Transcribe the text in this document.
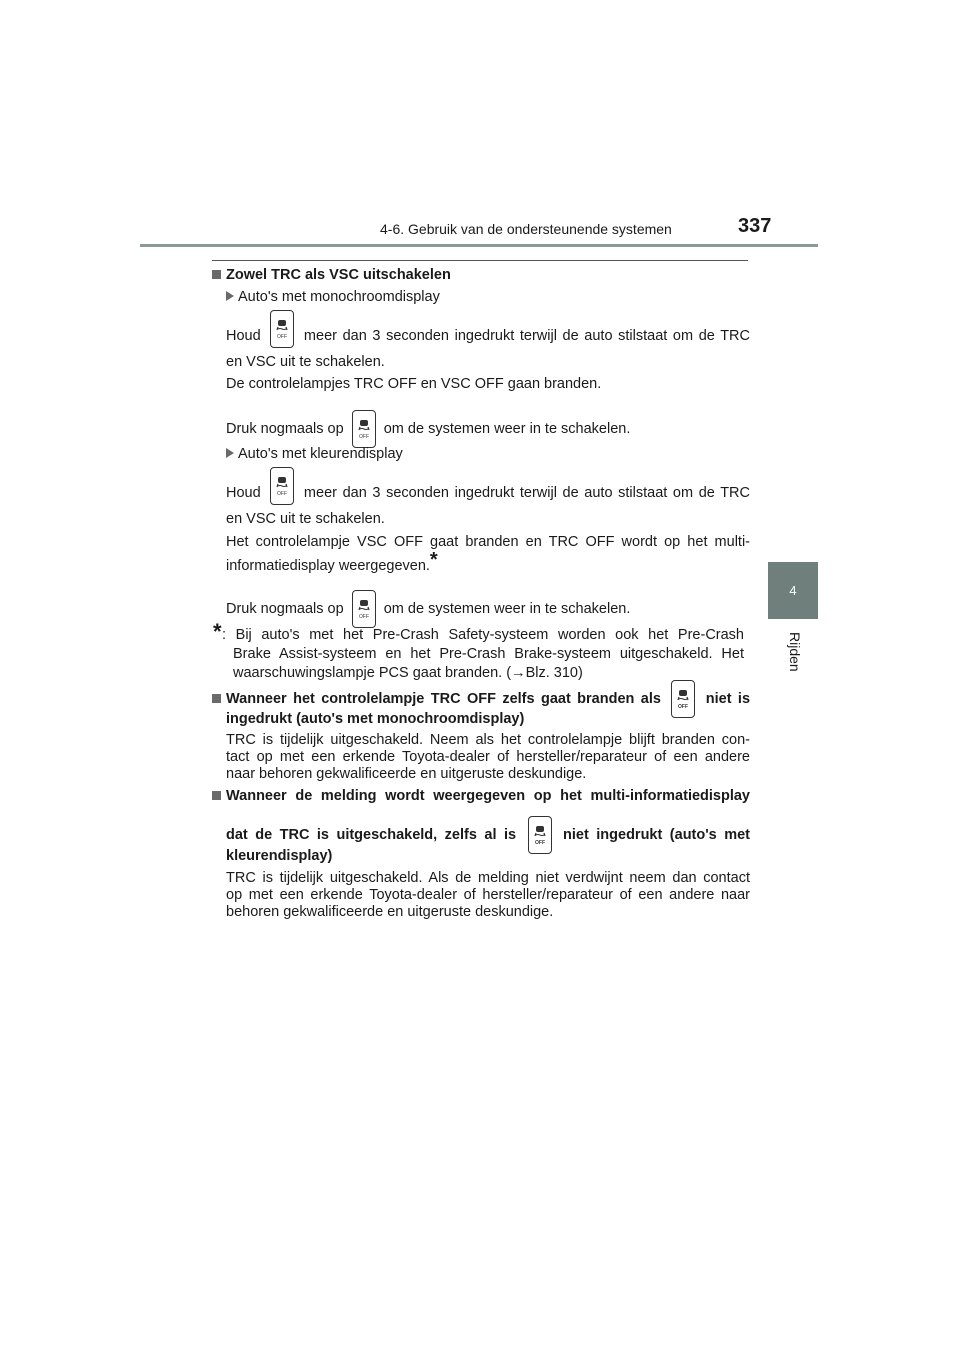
4-6. Gebruik van de ondersteunende systemen	337
4
Rijden
Zowel TRC als VSC uitschakelen
Auto's met monochroomdisplay
Houd	OFF meer dan 3 seconden ingedrukt terwijl de auto stilstaat om de TRC
en VSC uit te schakelen.
De controlelampjes TRC OFF en VSC OFF gaan branden.
Druk nogmaals op
OFF
om de systemen weer in te schakelen.
Auto's met kleurendisplay
Houd	OFF meer dan 3 seconden ingedrukt terwijl de auto stilstaat om de TRC
en VSC uit te schakelen.
Het controlelampje VSC OFF gaat branden en TRC OFF wordt op het multi-
informatiedisplay weergegeven.*
Druk nogmaals op
OFF
om de systemen weer in te schakelen.
* : Bij auto's met het Pre-Crash Safety-systeem worden ook het Pre-Crash
Brake Assist-systeem en het Pre-Crash Brake-systeem uitgeschakeld. Het
waarschuwingslampje PCS gaat branden. (→Blz. 310)
Wanneer het controlelampje TRC OFF zelfs gaat branden als
OFF
niet is
ingedrukt (auto's met monochroomdisplay)
TRC is tijdelijk uitgeschakeld. Neem als het controlelampje blijft branden con-
tact op met een erkende Toyota-dealer of hersteller/reparateur of een andere
naar behoren gekwalificeerde en uitgeruste deskundige.
Wanneer de melding wordt weergegeven op het multi-informatiedisplay
dat de TRC is uitgeschakeld, zelfs al is
OFF
niet ingedrukt (auto's met
kleurendisplay)
TRC is tijdelijk uitgeschakeld. Als de melding niet verdwijnt neem dan contact
op met een erkende Toyota-dealer of hersteller/reparateur of een andere naar
behoren gekwalificeerde en uitgeruste deskundige.
